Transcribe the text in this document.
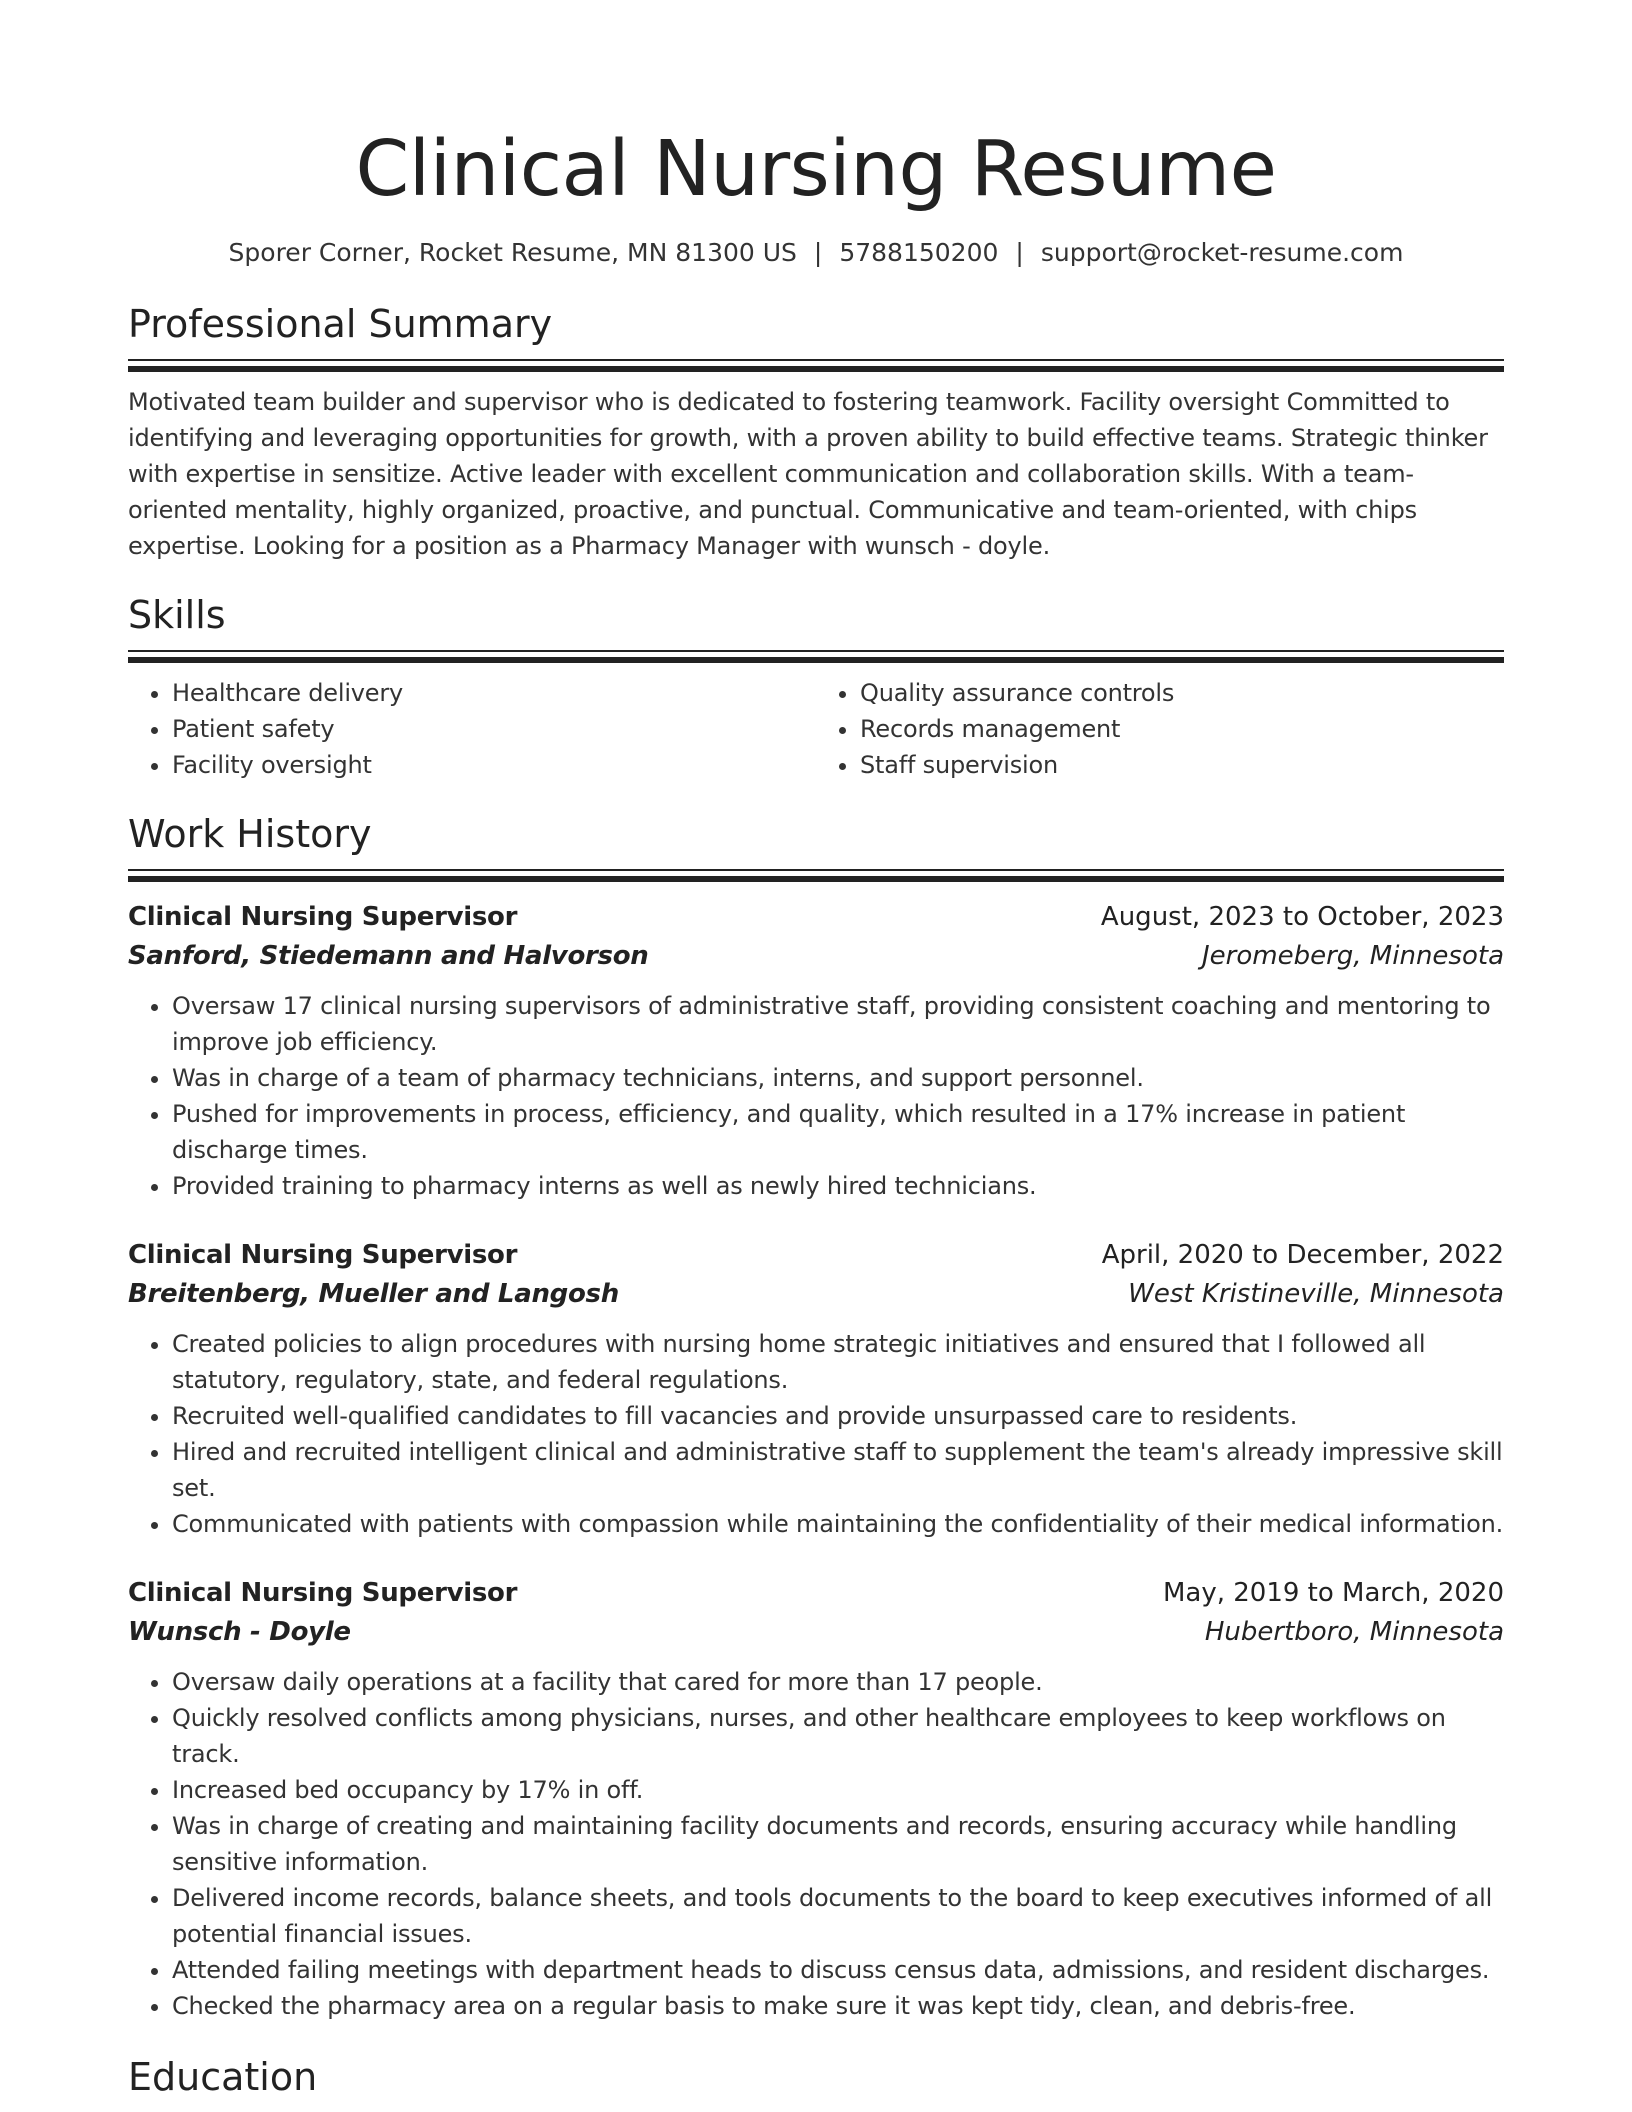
Clinical Nursing Resume
Sporer Corner, Rocket Resume, MN 81300 US | 5788150200 | support@rocket-resume.com
Professional Summary

Motivated team builder and supervisor who is dedicated to fostering teamwork. Facility oversight Committed to identifying and leveraging opportunities for growth, with a proven ability to build effective teams. Strategic thinker with expertise in sensitize. Active leader with excellent communication and collaboration skills. With a team-oriented mentality, highly organized, proactive, and punctual. Communicative and team-oriented, with chips expertise. Looking for a position as a Pharmacy Manager with wunsch - doyle.

Skills
• Healthcare delivery
• Patient safety
• Facility oversight
• Quality assurance controls
• Records management
• Staff supervision
Work History
Clinical Nursing Supervisor	August, 2023 to October, 2023
Sanford, Stiedemann and Halvorson	Jeromeberg, Minnesota
• Oversaw 17 clinical nursing supervisors of administrative staff, providing consistent coaching and mentoring to improve job efficiency.
• Was in charge of a team of pharmacy technicians, interns, and support personnel.
• Pushed for improvements in process, efficiency, and quality, which resulted in a 17% increase in patient discharge times.
• Provided training to pharmacy interns as well as newly hired technicians.
Clinical Nursing Supervisor	April, 2020 to December, 2022
Breitenberg, Mueller and Langosh	West Kristineville, Minnesota
• Created policies to align procedures with nursing home strategic initiatives and ensured that I followed all statutory, regulatory, state, and federal regulations.
• Recruited well-qualified candidates to fill vacancies and provide unsurpassed care to residents.
• Hired and recruited intelligent clinical and administrative staff to supplement the team's already impressive skill set.
• Communicated with patients with compassion while maintaining the confidentiality of their medical information.
Clinical Nursing Supervisor	May, 2019 to March, 2020
Wunsch - Doyle	Hubertboro, Minnesota
• Oversaw daily operations at a facility that cared for more than 17 people.
• Quickly resolved conflicts among physicians, nurses, and other healthcare employees to keep workflows on track.
• Increased bed occupancy by 17% in off.
• Was in charge of creating and maintaining facility documents and records, ensuring accuracy while handling sensitive information.
• Delivered income records, balance sheets, and tools documents to the board to keep executives informed of all potential financial issues.
• Attended failing meetings with department heads to discuss census data, admissions, and resident discharges.
• Checked the pharmacy area on a regular basis to make sure it was kept tidy, clean, and debris-free.
Education
